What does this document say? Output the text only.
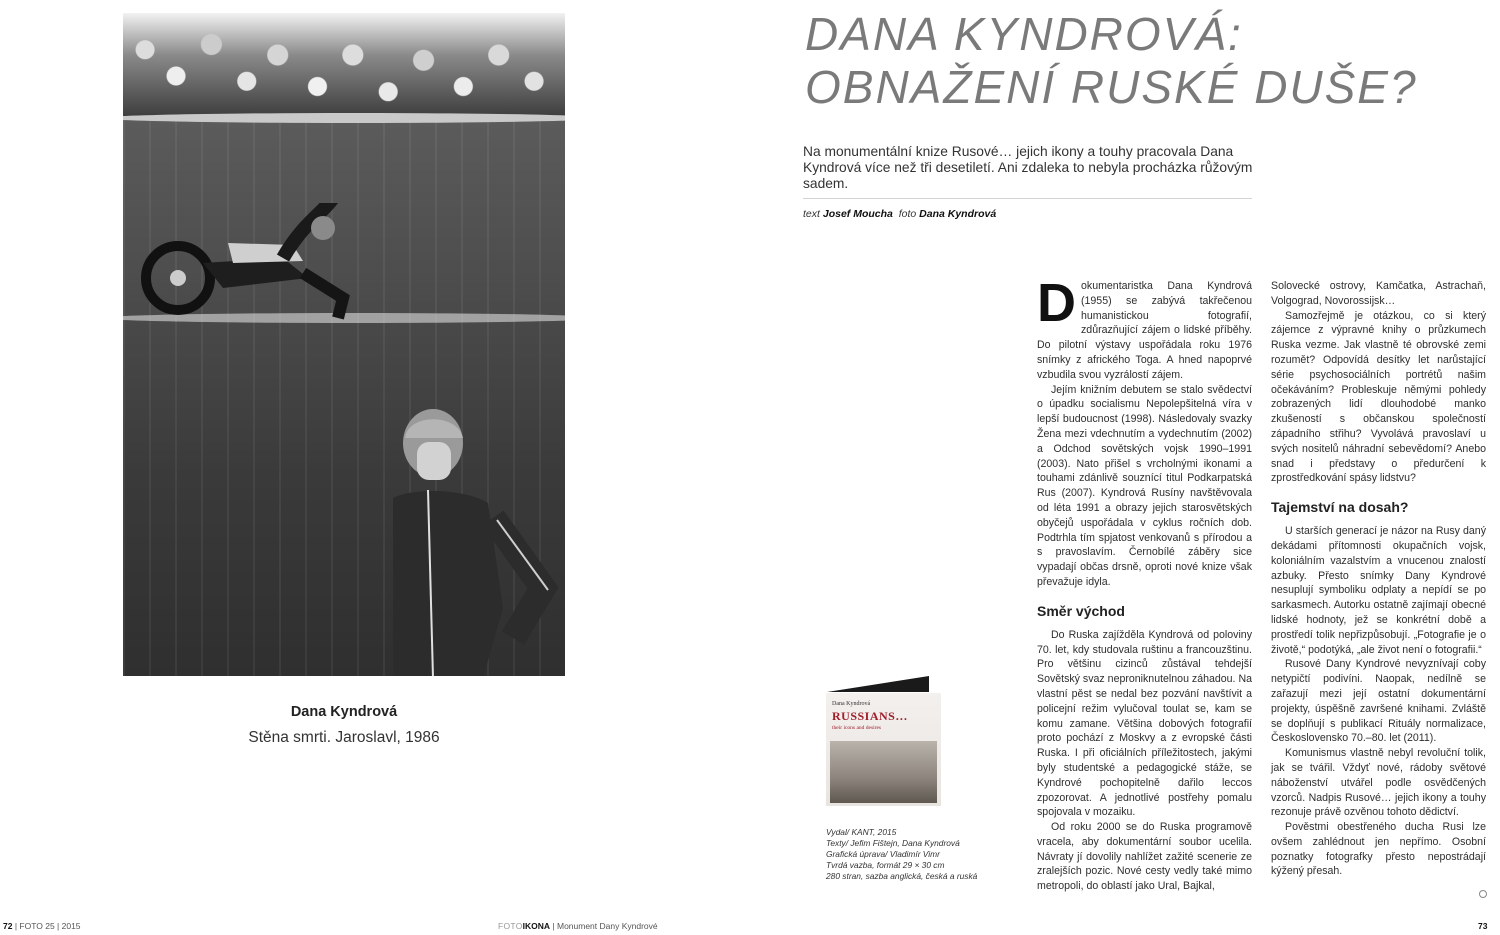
Dana Kyndrová
Stěna smrti. Jaroslavl, 1986
DANA KYNDROVÁ:
OBNAŽENÍ RUSKÉ DUŠE?
Na monumentální knize Rusové… jejich ikony a touhy pracovala Dana Kyndrová více než tři desetiletí. Ani zdaleka to nebyla procházka růžovým sadem.
text Josef Moucha foto Dana Kyndrová

Dokumentaristka Dana Kyndrová (1955) se zabývá takřečenou humanistickou fotografií, zdůrazňující zájem o lidské příběhy. Do pilotní výstavy uspořádala roku 1976 snímky z afrického Toga. A hned napoprvé vzbudila svou vyzrálostí zájem.

Jejím knižním debutem se stalo svědectví o úpadku socialismu Nepolepšitelná víra v lepší budoucnost (1998). Následovaly svazky Žena mezi vdechnutím a vydechnutím (2002) a Odchod sovětských vojsk 1990–1991 (2003). Nato přišel s vrcholnými ikonami a touhami zdánlivě souznící titul Podkarpatská Rus (2007). Kyndrová Rusíny navštěvovala od léta 1991 a obrazy jejich starosvětských obyčejů uspořádala v cyklus ročních dob. Podtrhla tím spjatost venkovanů s přírodou a s pravoslavím. Černobílé záběry sice vypadají občas drsně, oproti nové knize však převažuje idyla.

Směr východ

Do Ruska zajížděla Kyndrová od poloviny 70. let, kdy studovala ruštinu a francouzštinu. Pro většinu cizinců zůstával tehdejší Sovětský svaz neproniknutelnou záhadou. Na vlastní pěst se nedal bez pozvání navštívit a policejní režim vylučoval toulat se, kam se komu zamane. Většina dobových fotografií proto pochází z Moskvy a z evropské části Ruska. I při oficiálních příležitostech, jakými byly studentské a pedagogické stáže, se Kyndrové pochopitelně dařilo leccos zpozorovat. A jednotlivé postřehy pomalu spojovala v mozaiku.

Od roku 2000 se do Ruska programově vracela, aby dokumentární soubor ucelila. Návraty jí dovolily nahlížet zažité scenerie ze zralejších pozic. Nové cesty vedly také mimo metropoli, do oblastí jako Ural, Bajkal,

Solovecké ostrovy, Kamčatka, Astrachaň, Volgograd, Novorossijsk…

Samozřejmě je otázkou, co si který zájemce z výpravné knihy o průzkumech Ruska vezme. Jak vlastně té obrovské zemi rozumět? Odpovídá desítky let narůstající série psychosociálních portrétů našim očekáváním? Probleskuje němými pohledy zobrazených lidí dlouhodobé manko zkušeností s občanskou společností západního střihu? Vyvolává pravoslaví u svých nositelů náhradní sebevědomí? Anebo snad i představy o předurčení k zprostředkování spásy lidstvu?

Tajemství na dosah?

U starších generací je názor na Rusy daný dekádami přítomnosti okupačních vojsk, koloniálním vazalstvím a vnucenou znalostí azbuky. Přesto snímky Dany Kyndrové nesuplují symboliku odplaty a nepídí se po sarkasmech. Autorku ostatně zajímají obecné lidské hodnoty, jež se konkrétní době a prostředí tolik nepřizpůsobují. „Fotografie je o životě,“ podotýká, „ale život není o fotografii.“

Rusové Dany Kyndrové nevyznívají coby netypičtí podivíni. Naopak, nedílně se zařazují mezi její ostatní dokumentární projekty, úspěšně završené knihami. Zvláště se doplňují s publikací Rituály normalizace, Československo 70.–80. let (2011).

Komunismus vlastně nebyl revoluční tolik, jak se tvářil. Vždyť nové, rádoby světové náboženství utvářel podle osvědčených vzorců. Nadpis Rusové… jejich ikony a touhy rezonuje právě ozvěnou tohoto dědictví.

Pověstmi obestřeného ducha Rusi lze ovšem zahlédnout jen nepřímo. Osobní poznatky fotografky přesto nepostrádají kýžený přesah.

Dana Kyndrová
RUSSIANS…
their icons and desires
Vydal/ KANT, 2015
Texty/ Jefim Fištejn, Dana Kyndrová
Grafická úprava/ Vladimír Vimr
Tvrdá vazba, formát 29 × 30 cm
280 stran, sazba anglická, česká a ruská
72 | FOTO 25 | 2015	FOTOIKONA | Monument Dany Kyndrové	73
